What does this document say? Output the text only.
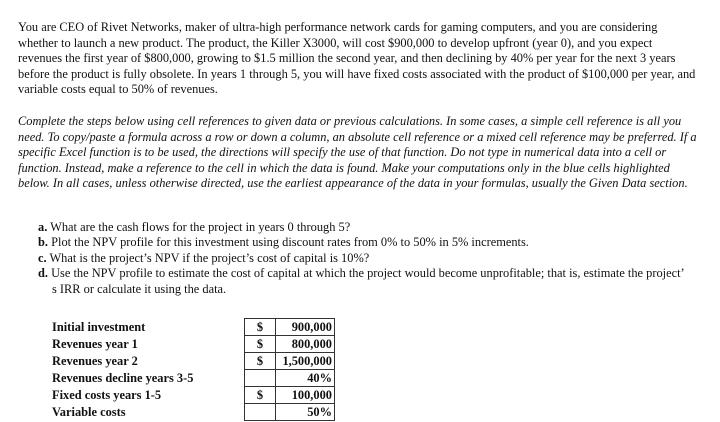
You are CEO of Rivet Networks, maker of ultra-high performance network cards for gaming computers, and you are considering whether to launch a new product. The product, the Killer X3000, will cost $900,000 to develop upfront (year 0), and you expect revenues the first year of $800,000, growing to $1.5 million the second year, and then declining by 40% per year for the next 3 years before the product is fully obsolete. In years 1 through 5, you will have fixed costs associated with the product of $100,000 per year, and variable costs equal to 50% of revenues.

Complete the steps below using cell references to given data or previous calculations. In some cases, a simple cell reference is all you need. To copy/paste a formula across a row or down a column, an absolute cell reference or a mixed cell reference may be preferred. If a specific Excel function is to be used, the directions will specify the use of that function. Do not type in numerical data into a cell or function. Instead, make a reference to the cell in which the data is found. Make your computations only in the blue cells highlighted below. In all cases, unless otherwise directed, use the earliest appearance of the data in your formulas, usually the Given Data section.

a. What are the cash flows for the project in years 0 through 5?
b. Plot the NPV profile for this investment using discount rates from 0% to 50% in 5% increments.
c. What is the project’s NPV if the project’s cost of capital is 10%?
d. Use the NPV profile to estimate the cost of capital at which the project would become unprofitable; that is, estimate the project’
s IRR or calculate it using the data.
Initial investment	$	900,000
Revenues year 1	$	800,000
Revenues year 2	$	1,500,000
Revenues decline years 3-5		40%
Fixed costs years 1-5	$	100,000
Variable costs		50%
